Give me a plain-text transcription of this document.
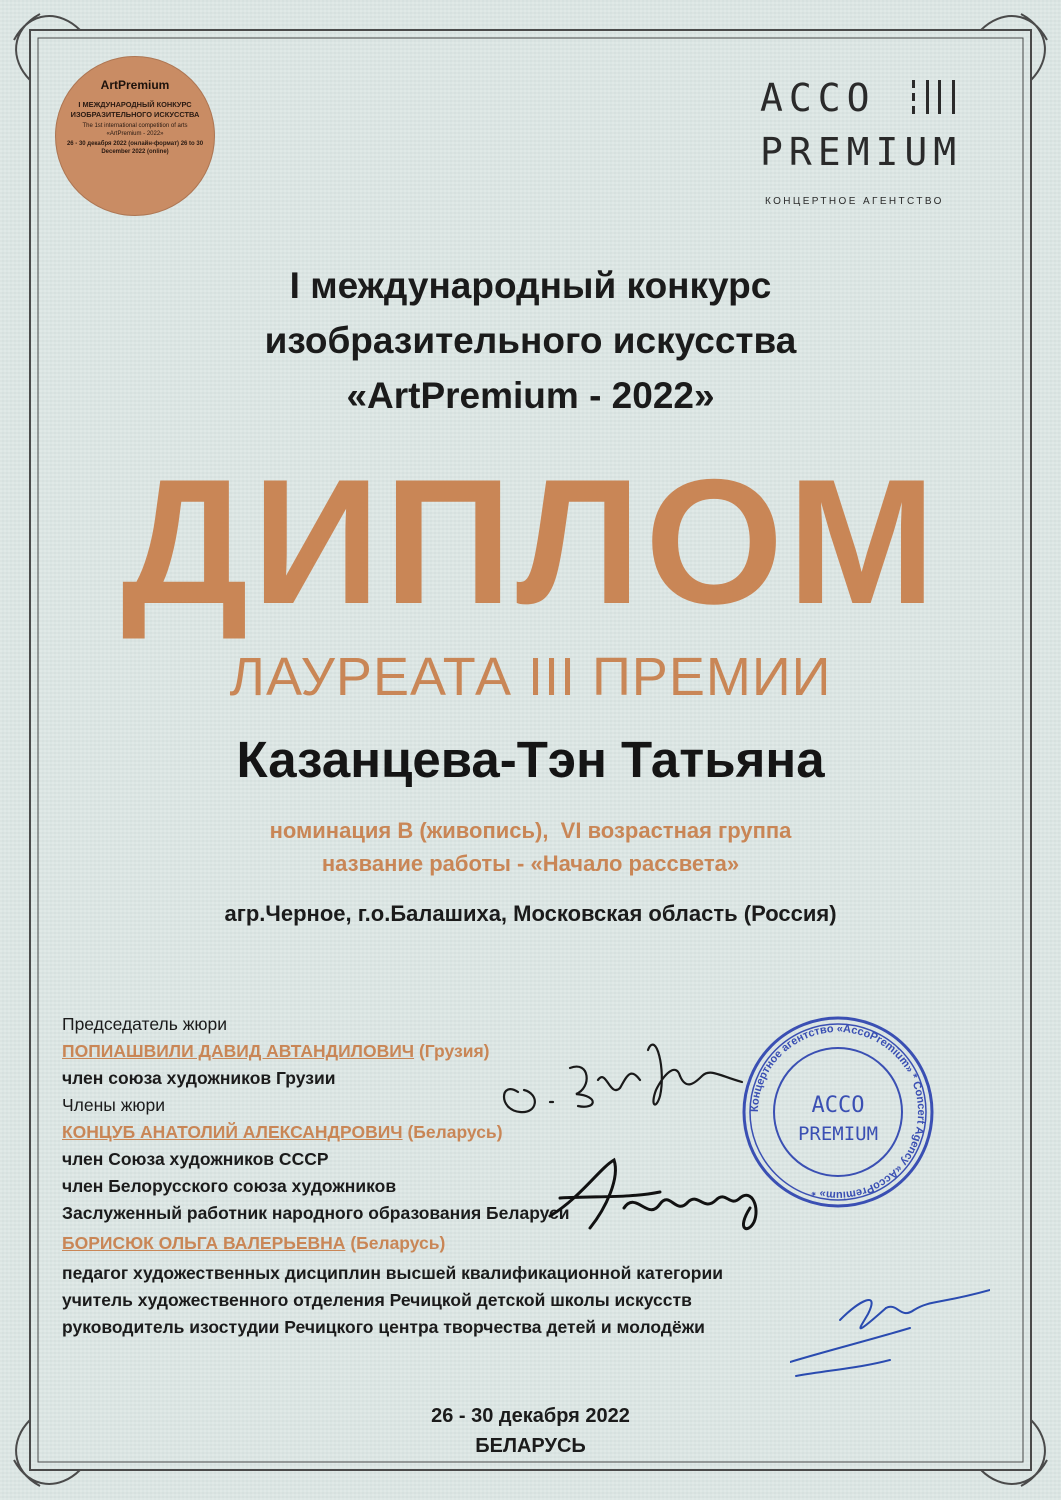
ArtPremium
I МЕЖДУНАРОДНЫЙ КОНКУРС ИЗОБРАЗИТЕЛЬНОГО ИСКУССТВА
The 1st international competition of arts «ArtPremium - 2022»
26 - 30 декабря 2022 (онлайн-формат) 26 to 30 December 2022 (online)
ACCO
PREMIUM
КОНЦЕРТНОЕ АГЕНТСТВО
I международный конкурс
изобразительного искусства
«ArtPremium - 2022»
ДИПЛОМ
ЛАУРЕАТА III ПРЕМИИ
Казанцева-Тэн Татьяна
номинация В (живопись),  VI возрастная группа
название работы - «Начало рассвета»
агр.Черное, г.о.Балашиха, Московская область (Россия)
Председатель жюри
ПОПИАШВИЛИ ДАВИД АВТАНДИЛОВИЧ (Грузия)
член союза художников Грузии
Члены жюри
КОНЦУБ АНАТОЛИЙ АЛЕКСАНДРОВИЧ (Беларусь)
член Союза художников СССР
член Белорусского союза художников
Заслуженный работник народного образования Беларуси
БОРИСЮК ОЛЬГА ВАЛЕРЬЕВНА (Беларусь)
педагог художественных дисциплин высшей квалификационной категории
учитель художественного отделения Речицкой детской школы искусств
руководитель изостудии Речицкого центра творчества детей и молодёжи
Концертное агентство «AccoPremium» * Concert Agency «AccoPremium» *
ACCO
PREMIUM
26 - 30 декабря 2022
БЕЛАРУСЬ
